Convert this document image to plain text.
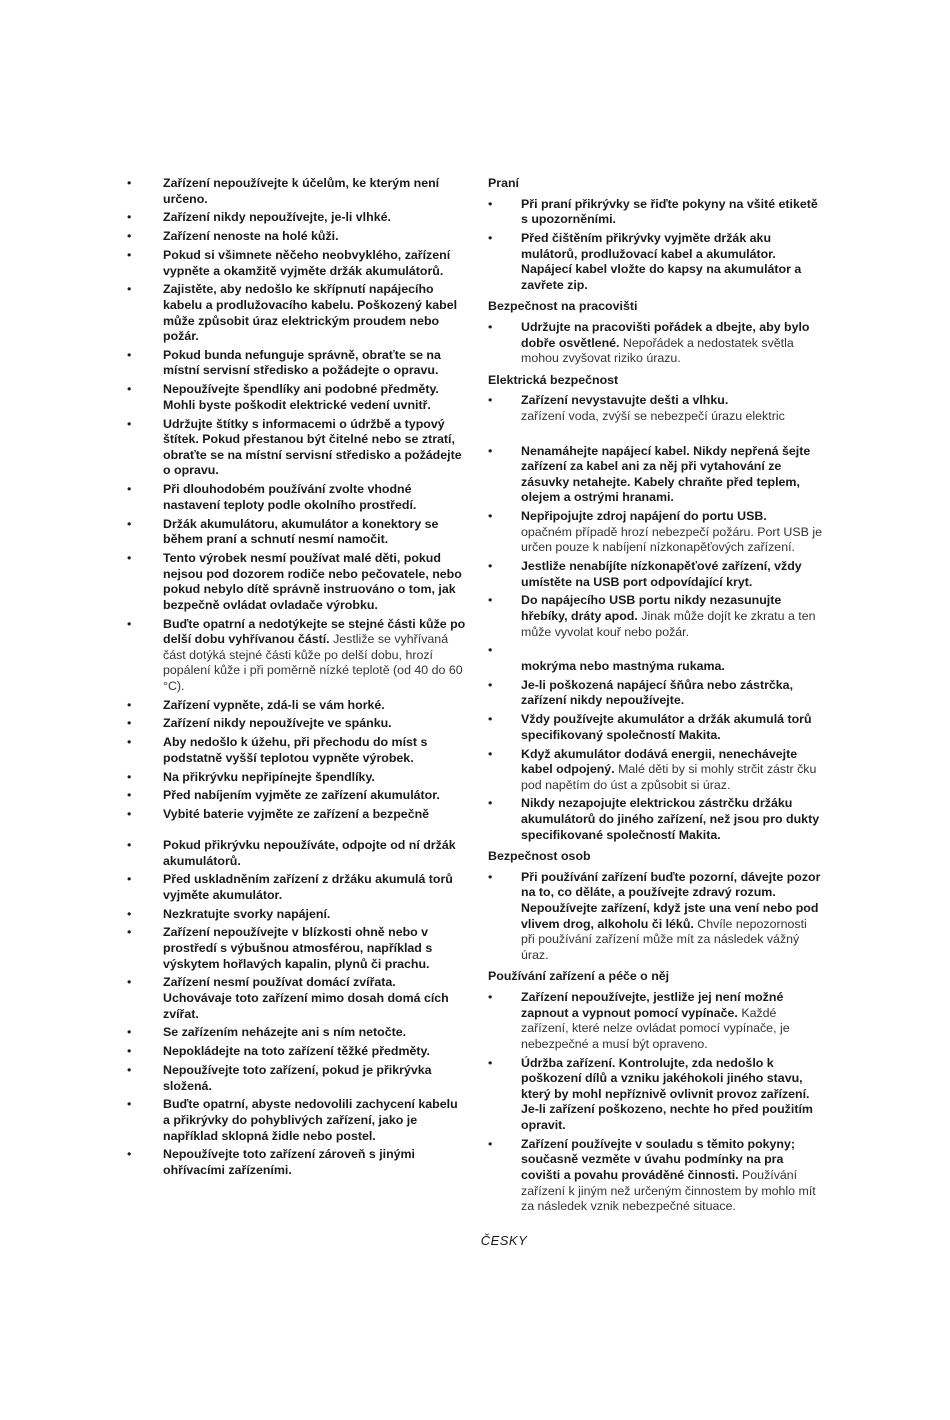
• Zařízení nepoužívejte k účelům, ke kterým není určeno.
• Zařízení nikdy nepoužívejte, je-li vlhké.
• Zařízení nenoste na holé kůži.
• Pokud si všimnete něčeho neobvyklého, zařízení vypněte a okamžitě vyjměte držák akumulátorů.
• Zajistěte, aby nedošlo ke skřípnutí napájecího kabelu a prodlužovacího kabelu. Poškozený kabel může způsobit úraz elektrickým proudem nebo požár.
• Pokud bunda nefunguje správně, obraťte se na místní servisní středisko a požádejte o opravu.
• Nepoužívejte špendlíky ani podobné předměty. Mohli byste poškodit elektrické vedení uvnitř.
• Udržujte štítky s informacemi o údržbě a typový štítek. Pokud přestanou být čitelné nebo se ztratí, obraťte se na místní servisní středisko a požádejte o opravu.
• Při dlouhodobém používání zvolte vhodné nastavení teploty podle okolního prostředí.
• Držák akumulátoru, akumulátor a konektory se během praní a schnutí nesmí namočit.
• Tento výrobek nesmí používat malé děti, pokud nejsou pod dozorem rodiče nebo pečovatele, nebo pokud nebylo dítě správně instruováno o tom, jak bezpečně ovládat ovladače výrobku.
• Buďte opatrní a nedotýkejte se stejné části kůže po delší dobu vyhřívanou částí. Jestliže se vyhřívaná část dotýká stejné části kůže po delší dobu, hrozí popálení kůže i při poměrně nízké teplotě (od 40 do 60 °C).
• Zařízení vypněte, zdá-li se vám horké.
• Zařízení nikdy nepoužívejte ve spánku.
• Aby nedošlo k úžehu, při přechodu do míst s podstatně vyšší teplotou vypněte výrobek.
• Na přikrývku nepřipínejte špendlíky.
• Před nabíjením vyjměte ze zařízení akumulátor.
• Vybité baterie vyjměte ze zařízení a bezpečně
• Pokud přikrývku nepoužíváte, odpojte od ní držák akumulátorů.
• Před uskladněním zařízení z držáku akumulá torů vyjměte akumulátor.
• Nezkratujte svorky napájení.
• Zařízení nepoužívejte v blízkosti ohně nebo v prostředí s výbušnou atmosférou, například s výskytem hořlavých kapalin, plynů či prachu.
• Zařízení nesmí používat domácí zvířata. Uchovávaje toto zařízení mimo dosah domá cích zvířat.
• Se zařízením neházejte ani s ním netočte.
• Nepokládejte na toto zařízení těžké předměty.
• Nepoužívejte toto zařízení, pokud je přikrývka složená.
• Buďte opatrní, abyste nedovolili zachycení kabelu a přikrývky do pohyblivých zařízení, jako je například sklopná židle nebo postel.
• Nepoužívejte toto zařízení zároveň s jinými ohřívacími zařízeními.
Praní
• Při praní přikrývky se řiďte pokyny na všité etiketě s upozorněními.
• Před čištěním přikrývky vyjměte držák aku mulátorů, prodlužovací kabel a akumulátor. Napájecí kabel vložte do kapsy na akumulátor a zavřete zip.
Bezpečnost na pracovišti
• Udržujte na pracovišti pořádek a dbejte, aby bylo dobře osvětlené. Nepořádek a nedostatek světla mohou zvyšovat riziko úrazu.
Elektrická bezpečnost
• Zařízení nevystavujte dešti a vlhku.
zařízení voda, zvýší se nebezpečí úrazu elektric
• Nenamáhejte napájecí kabel. Nikdy nepřená šejte zařízení za kabel ani za něj při vytahování ze zásuvky netahejte. Kabely chraňte před teplem, olejem a ostrými hranami.
• Nepřipojujte zdroj napájení do portu USB.
opačném případě hrozí nebezpečí požáru. Port USB je určen pouze k nabíjení nízkonapěťových zařízení.
• Jestliže nenabíjíte nízkonapěťové zařízení, vždy umístěte na USB port odpovídající kryt.
• Do napájecího USB portu nikdy nezasunujte hřebíky, dráty apod. Jinak může dojít ke zkratu a ten může vyvolat kouř nebo požár.

• mokrýma nebo mastnýma rukama.
• Je-li poškozená napájecí šňůra nebo zástrčka, zařízení nikdy nepoužívejte.
• Vždy používejte akumulátor a držák akumulá torů specifikovaný společností Makita.
• Když akumulátor dodává energii, nenechávejte kabel odpojený. Malé děti by si mohly strčit zástr čku pod napětím do úst a způsobit si úraz.
• Nikdy nezapojujte elektrickou zástrčku držáku akumulátorů do jiného zařízení, než jsou pro dukty specifikované společností Makita.
Bezpečnost osob
• Při používání zařízení buďte pozorní, dávejte pozor na to, co děláte, a používejte zdravý rozum. Nepoužívejte zařízení, když jste una vení nebo pod vlivem drog, alkoholu či léků. Chvíle nepozornosti při používání zařízení může mít za následek vážný úraz.
Používání zařízení a péče o něj
• Zařízení nepoužívejte, jestliže jej není možné zapnout a vypnout pomocí vypínače. Každé zařízení, které nelze ovládat pomocí vypínače, je nebezpečné a musí být opraveno.
• Údržba zařízení. Kontrolujte, zda nedošlo k poškození dílů a vzniku jakéhokoli jiného stavu, který by mohl nepříznivě ovlivnit provoz zařízení. Je-li zařízení poškozeno, nechte ho před použitím opravit.
• Zařízení používejte v souladu s těmito pokyny; současně vezměte v úvahu podmínky na pra covišti a povahu prováděné činnosti. Používání zařízení k jiným než určeným činnostem by mohlo mít za následek vznik nebezpečné situace.
ČESKY
